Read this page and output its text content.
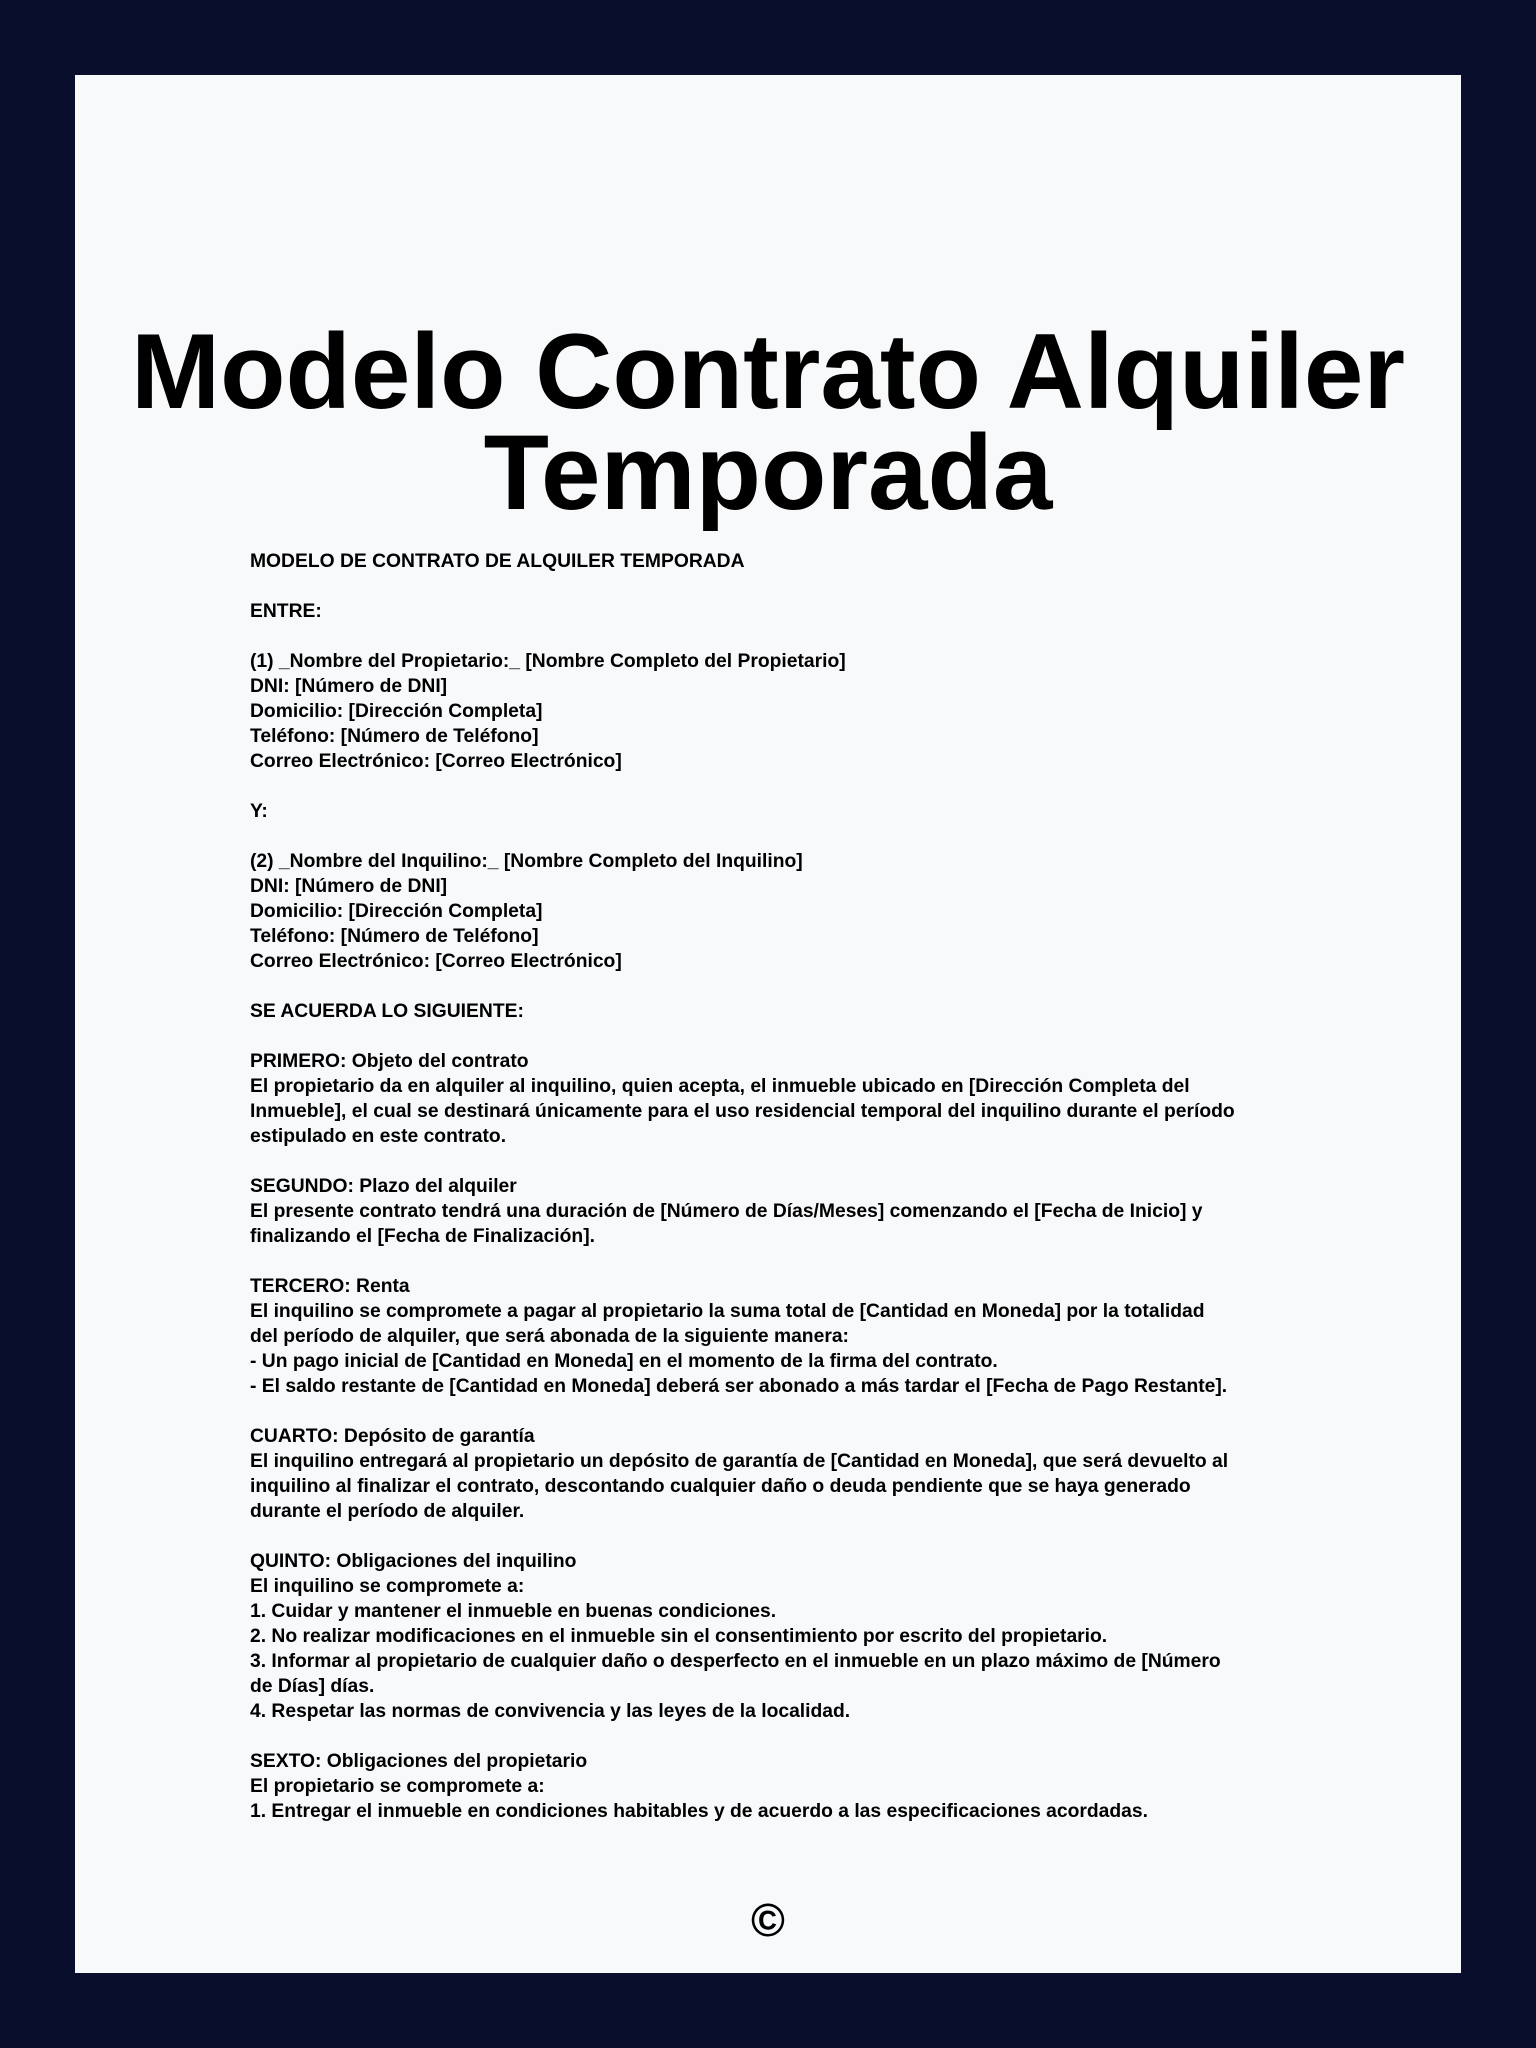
Modelo Contrato Alquiler
Temporada
MODELO DE CONTRATO DE ALQUILER TEMPORADA
ENTRE:
(1) _Nombre del Propietario:_ [Nombre Completo del Propietario]
DNI: [Número de DNI]
Domicilio: [Dirección Completa]
Teléfono: [Número de Teléfono]
Correo Electrónico: [Correo Electrónico]
Y:
(2) _Nombre del Inquilino:_ [Nombre Completo del Inquilino]
DNI: [Número de DNI]
Domicilio: [Dirección Completa]
Teléfono: [Número de Teléfono]
Correo Electrónico: [Correo Electrónico]
SE ACUERDA LO SIGUIENTE:
PRIMERO: Objeto del contrato
El propietario da en alquiler al inquilino, quien acepta, el inmueble ubicado en [Dirección Completa del
Inmueble], el cual se destinará únicamente para el uso residencial temporal del inquilino durante el período
estipulado en este contrato.
SEGUNDO: Plazo del alquiler
El presente contrato tendrá una duración de [Número de Días/Meses] comenzando el [Fecha de Inicio] y
finalizando el [Fecha de Finalización].
TERCERO: Renta
El inquilino se compromete a pagar al propietario la suma total de [Cantidad en Moneda] por la totalidad
del período de alquiler, que será abonada de la siguiente manera:
- Un pago inicial de [Cantidad en Moneda] en el momento de la firma del contrato.
- El saldo restante de [Cantidad en Moneda] deberá ser abonado a más tardar el [Fecha de Pago Restante].
CUARTO: Depósito de garantía
El inquilino entregará al propietario un depósito de garantía de [Cantidad en Moneda], que será devuelto al
inquilino al finalizar el contrato, descontando cualquier daño o deuda pendiente que se haya generado
durante el período de alquiler.
QUINTO: Obligaciones del inquilino
El inquilino se compromete a:
1. Cuidar y mantener el inmueble en buenas condiciones.
2. No realizar modificaciones en el inmueble sin el consentimiento por escrito del propietario.
3. Informar al propietario de cualquier daño o desperfecto en el inmueble en un plazo máximo de [Número
de Días] días.
4. Respetar las normas de convivencia y las leyes de la localidad.
SEXTO: Obligaciones del propietario
El propietario se compromete a:
1. Entregar el inmueble en condiciones habitables y de acuerdo a las especificaciones acordadas.
©
